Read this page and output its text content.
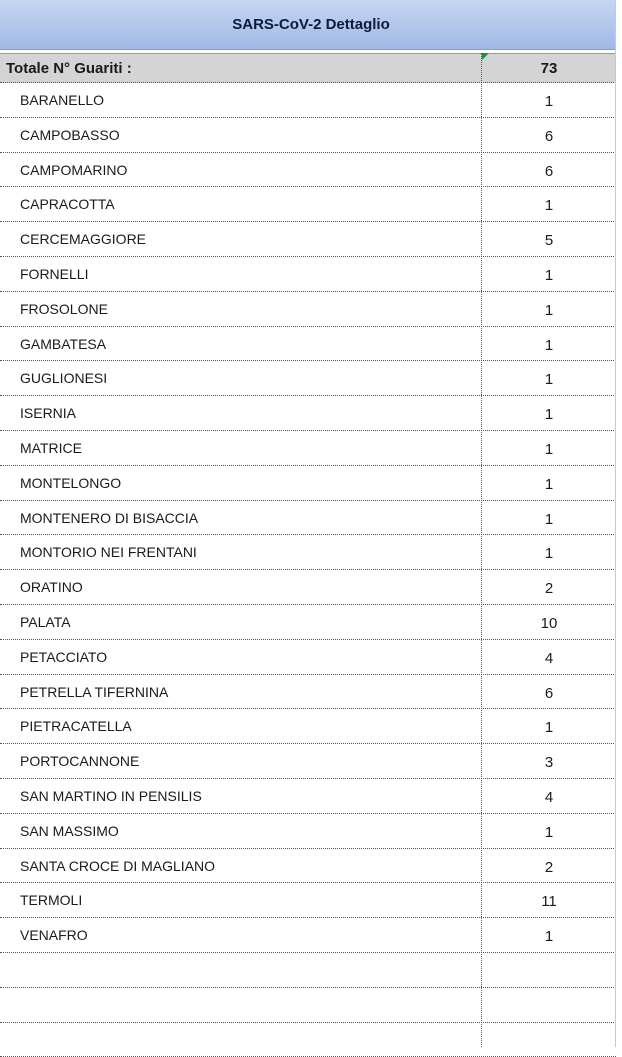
SARS-CoV-2 Dettaglio
Totale N° Guariti :	73
BARANELLO	1
CAMPOBASSO	6
CAMPOMARINO	6
CAPRACOTTA	1
CERCEMAGGIORE	5
FORNELLI	1
FROSOLONE	1
GAMBATESA	1
GUGLIONESI	1
ISERNIA	1
MATRICE	1
MONTELONGO	1
MONTENERO DI BISACCIA	1
MONTORIO NEI FRENTANI	1
ORATINO	2
PALATA	10
PETACCIATO	4
PETRELLA TIFERNINA	6
PIETRACATELLA	1
PORTOCANNONE	3
SAN MARTINO IN PENSILIS	4
SAN MASSIMO	1
SANTA CROCE DI MAGLIANO	2
TERMOLI	11
VENAFRO	1
